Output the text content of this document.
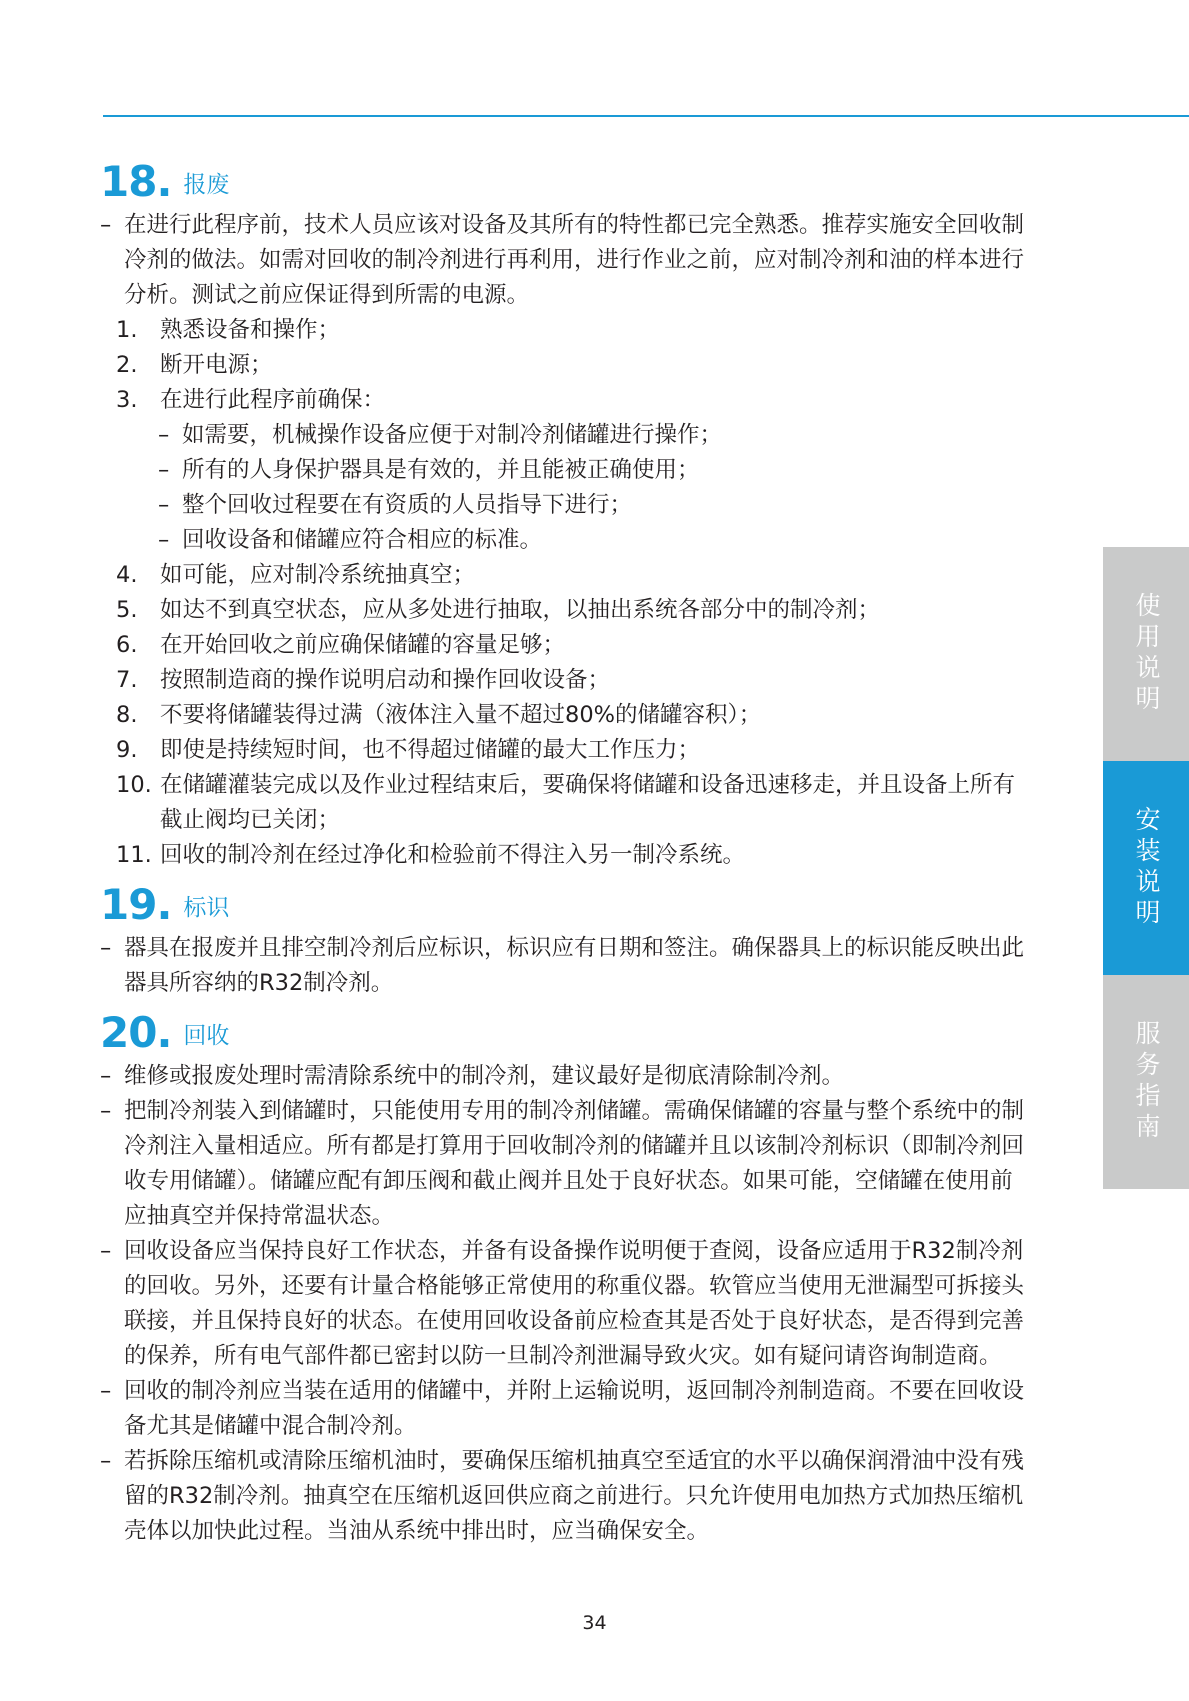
18. 报废
– 在进行此程序前，技术人员应该对设备及其所有的特性都已完全熟悉。推荐实施安全回收制冷剂的做法。如需对回收的制冷剂进行再利用，进行作业之前，应对制冷剂和油的样本进行分析。测试之前应保证得到所需的电源。
1. 熟悉设备和操作；
2. 断开电源；
3. 在进行此程序前确保：
– 如需要，机械操作设备应便于对制冷剂储罐进行操作；
– 所有的人身保护器具是有效的，并且能被正确使用；
– 整个回收过程要在有资质的人员指导下进行；
– 回收设备和储罐应符合相应的标准。
4. 如可能，应对制冷系统抽真空；
5. 如达不到真空状态，应从多处进行抽取，以抽出系统各部分中的制冷剂；
6. 在开始回收之前应确保储罐的容量足够；
7. 按照制造商的操作说明启动和操作回收设备；
8. 不要将储罐装得过满（液体注入量不超过80%的储罐容积）；
9. 即使是持续短时间，也不得超过储罐的最大工作压力；
10. 在储罐灌装完成以及作业过程结束后，要确保将储罐和设备迅速移走，并且设备上所有截止阀均已关闭；
11. 回收的制冷剂在经过净化和检验前不得注入另一制冷系统。
19. 标识
– 器具在报废并且排空制冷剂后应标识，标识应有日期和签注。确保器具上的标识能反映出此器具所容纳的R32制冷剂。
20. 回收
– 维修或报废处理时需清除系统中的制冷剂，建议最好是彻底清除制冷剂。
– 把制冷剂装入到储罐时，只能使用专用的制冷剂储罐。需确保储罐的容量与整个系统中的制冷剂注入量相适应。所有都是打算用于回收制冷剂的储罐并且以该制冷剂标识（即制冷剂回收专用储罐）。储罐应配有卸压阀和截止阀并且处于良好状态。如果可能，空储罐在使用前应抽真空并保持常温状态。
– 回收设备应当保持良好工作状态，并备有设备操作说明便于查阅，设备应适用于R32制冷剂的回收。另外，还要有计量合格能够正常使用的称重仪器。软管应当使用无泄漏型可拆接头联接，并且保持良好的状态。在使用回收设备前应检查其是否处于良好状态，是否得到完善的保养，所有电气部件都已密封以防一旦制冷剂泄漏导致火灾。如有疑问请咨询制造商。
– 回收的制冷剂应当装在适用的储罐中，并附上运输说明，返回制冷剂制造商。不要在回收设备尤其是储罐中混合制冷剂。
– 若拆除压缩机或清除压缩机油时，要确保压缩机抽真空至适宜的水平以确保润滑油中没有残留的R32制冷剂。抽真空在压缩机返回供应商之前进行。只允许使用电加热方式加热压缩机壳体以加快此过程。当油从系统中排出时，应当确保安全。
使用说明
安装说明
服务指南
34
